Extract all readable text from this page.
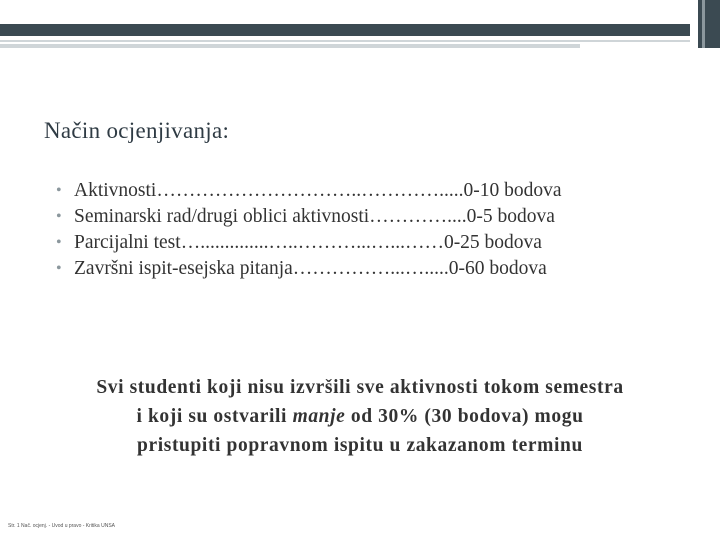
Način ocjenjivanja:
• Aktivnosti…………………………..………….....0-10 bodova
• Seminarski rad/drugi oblici aktivnosti…………....0-5 bodova
• Parcijalni test…..............…..………...…...……0-25 bodova
• Završni ispit-esejska pitanja……………...….....0-60 bodova
Svi studenti koji nisu izvršili sve aktivnosti tokom semestra
i koji su ostvarili manje od 30% (30 bodova) mogu
pristupiti popravnom ispitu u zakazanom terminu
Str. 1 Nač. ocjenj. - Uvod u pravo - Kritika UNSA
